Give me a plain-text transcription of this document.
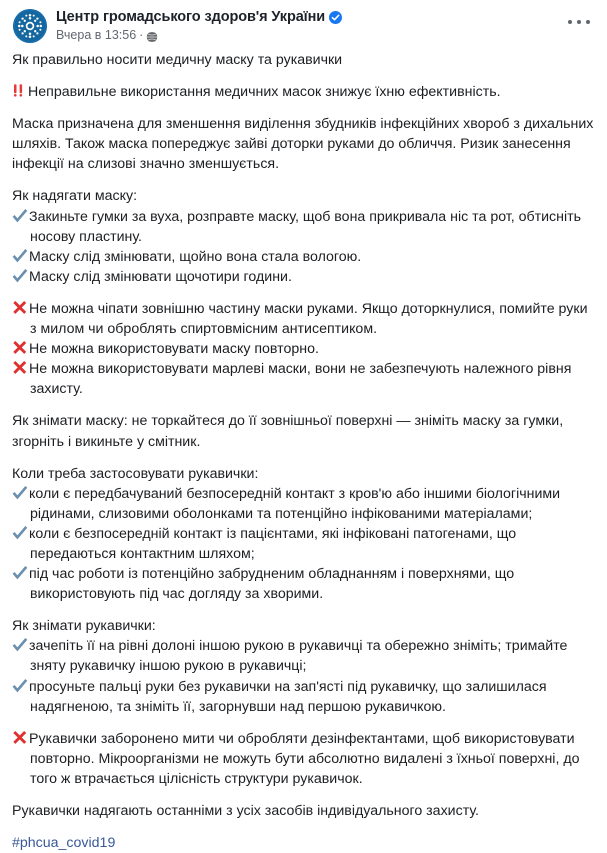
Центр громадського здоров'я України
Вчера в 13:56 ·

Як правильно носити медичну маску та рукавички

Неправильне використання медичних масок знижує їхню ефективність.

Маска призначена для зменшення виділення збудників інфекційних хвороб з дихальних шляхів. Також маска попереджує зайві доторки руками до обличчя. Ризик занесення інфекції на слизові значно зменшується.

Як надягати маску:

Закиньте гумки за вуха, розправте маску, щоб вона прикривала ніс та рот, обтисніть носову пластину.

Маску слід змінювати, щойно вона стала вологою.

Маску слід змінювати щочотири години.

Не можна чіпати зовнішню частину маски руками. Якщо доторкнулися, помийте руки з милом чи оброблять спиртовмісним антисептиком.

Не можна використовувати маску повторно.

Не можна використовувати марлеві маски, вони не забезпечують належного рівня захисту.

Як знімати маску: не торкайтеся до її зовнішньої поверхні — зніміть маску за гумки, згорніть і викиньте у смітник.

Коли треба застосовувати рукавички:

коли є передбачуваний безпосередній контакт з кров'ю або іншими біологічними рідинами, слизовими оболонками та потенційно інфікованими матеріалами;

коли є безпосередній контакт із пацієнтами, які інфіковані патогенами, що передаються контактним шляхом;

під час роботи із потенційно забрудненим обладнанням і поверхнями, що використовують під час догляду за хворими.

Як знімати рукавички:

зачепіть її на рівні долоні іншою рукою в рукавичці та обережно зніміть; тримайте зняту рукавичку іншою рукою в рукавичці;

просуньте пальці руки без рукавички на зап'ясті під рукавичку, що залишилася надягненою, та зніміть її, загорнувши над першою рукавичкою.

Рукавички заборонено мити чи обробляти дезінфектантами, щоб використовувати повторно. Мікроорганізми не можуть бути абсолютно видалені з їхньої поверхні, до того ж втрачається цілісність структури рукавичок.

Рукавички надягають останніми з усіх засобів індивідуального захисту.

#phcua_covid19
